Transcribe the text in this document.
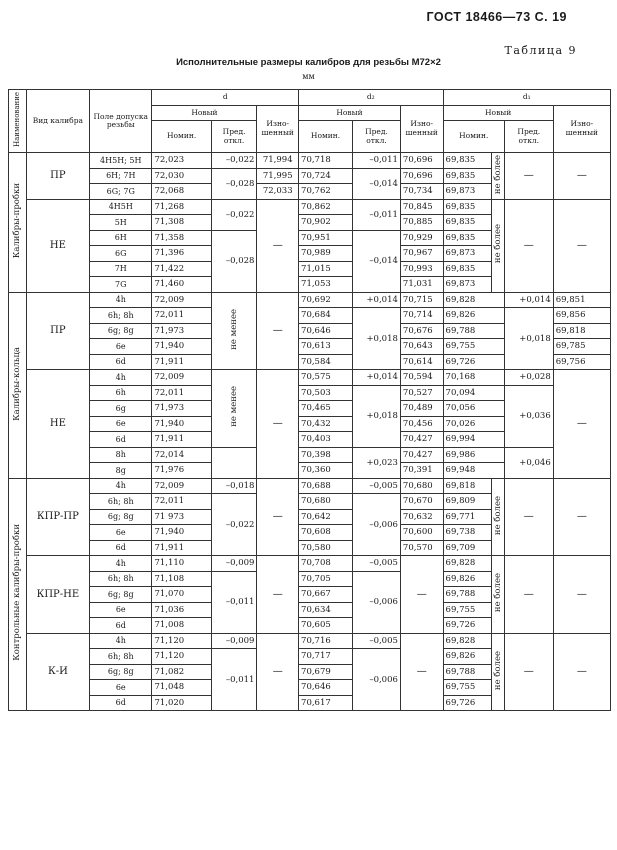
ГОСТ 18466—73 С. 19
Таблица 9
Исполнительные размеры калибров для резьбы М72×2
мм
Наименование	Вид калибра	Поле допуска резьбы	d			d₂			d₁			
			Новый		Изно-шенный	Новый		Изно-шенный	Новый			Изно-шенный
			Номин.	Пред. откл.		Номин.	Пред. откл.		Номин.		Пред. откл.	
Калибры-пробки	ПР	4H5H; 5H	72,023	–0,022	71,994	70,718	–0,011	70,696	69,835	не более	—	—
		6H; 7H	72,030	–0,028	71,995	70,724	–0,014	70,696	69,835			
		6G; 7G	72,068		72,033	70,762		70,734	69,873			
	НЕ	4H5H	71,268	–0,022	—	70,862	–0,011	70,845	69,835	не более	—	—
		5H	71,308			70,902		70,885	69,835			
		6H	71,358	–0,028		70,951	–0,014	70,929	69,835			
		6G	71,396			70,989		70,967	69,873			
		7H	71,422			71,015		70,993	69,835			
		7G	71,460			71,053		71,031	69,873			
Калибры-кольца	ПР	4h	72,009	не менее	—	70,692	+0,014	70,715	69,828		+0,014	69,851
		6h; 8h	72,011			70,684	+0,018	70,714	69,826		+0,018	69,856
		6g; 8g	71,973			70,646		70,676	69,788			69,818
		6e	71,940			70,613		70,643	69,755			69,785
		6d	71,911			70,584		70,614	69,726			69,756
	НЕ	4h	72,009	не менее	—	70,575	+0,014	70,594	70,168		+0,028	—
		6h	72,011			70,503	+0,018	70,527	70,094		+0,036	
		6g	71,973			70,465		70,489	70,056			
		6e	71,940			70,432		70,456	70,026			
		6d	71,911			70,403		70,427	69,994			
		8h	72,014			70,398	+0,023	70,427	69,986		+0,046	
		8g	71,976			70,360		70,391	69,948			
Контрольные калибры-пробки	КПР-ПР	4h	72,009	–0,018	—	70,688	–0,005	70,680	69,818	не более	—	—
		6h; 8h	72,011	–0,022		70,680	–0,006	70,670	69,809			
		6g; 8g	71 973			70,642		70,632	69,771			
		6e	71,940			70,608		70,600	69,738			
		6d	71,911			70,580		70,570	69,709			
	КПР-НЕ	4h	71,110	–0,009	—	70,708	–0,005	—	69,828	не более	—	—
		6h; 8h	71,108	–0,011		70,705	–0,006		69,826			
		6g; 8g	71,070			70,667			69,788			
		6e	71,036			70,634			69,755			
		6d	71,008			70,605			69,726			
	К-И	4h	71,120	–0,009	—	70,716	–0,005	—	69,828	не более	—	—
		6h; 8h	71,120	–0,011		70,717	–0,006		69,826			
		6g; 8g	71,082			70,679			69,788			
		6e	71,048			70,646			69,755			
		6d	71,020			70,617			69,726			
